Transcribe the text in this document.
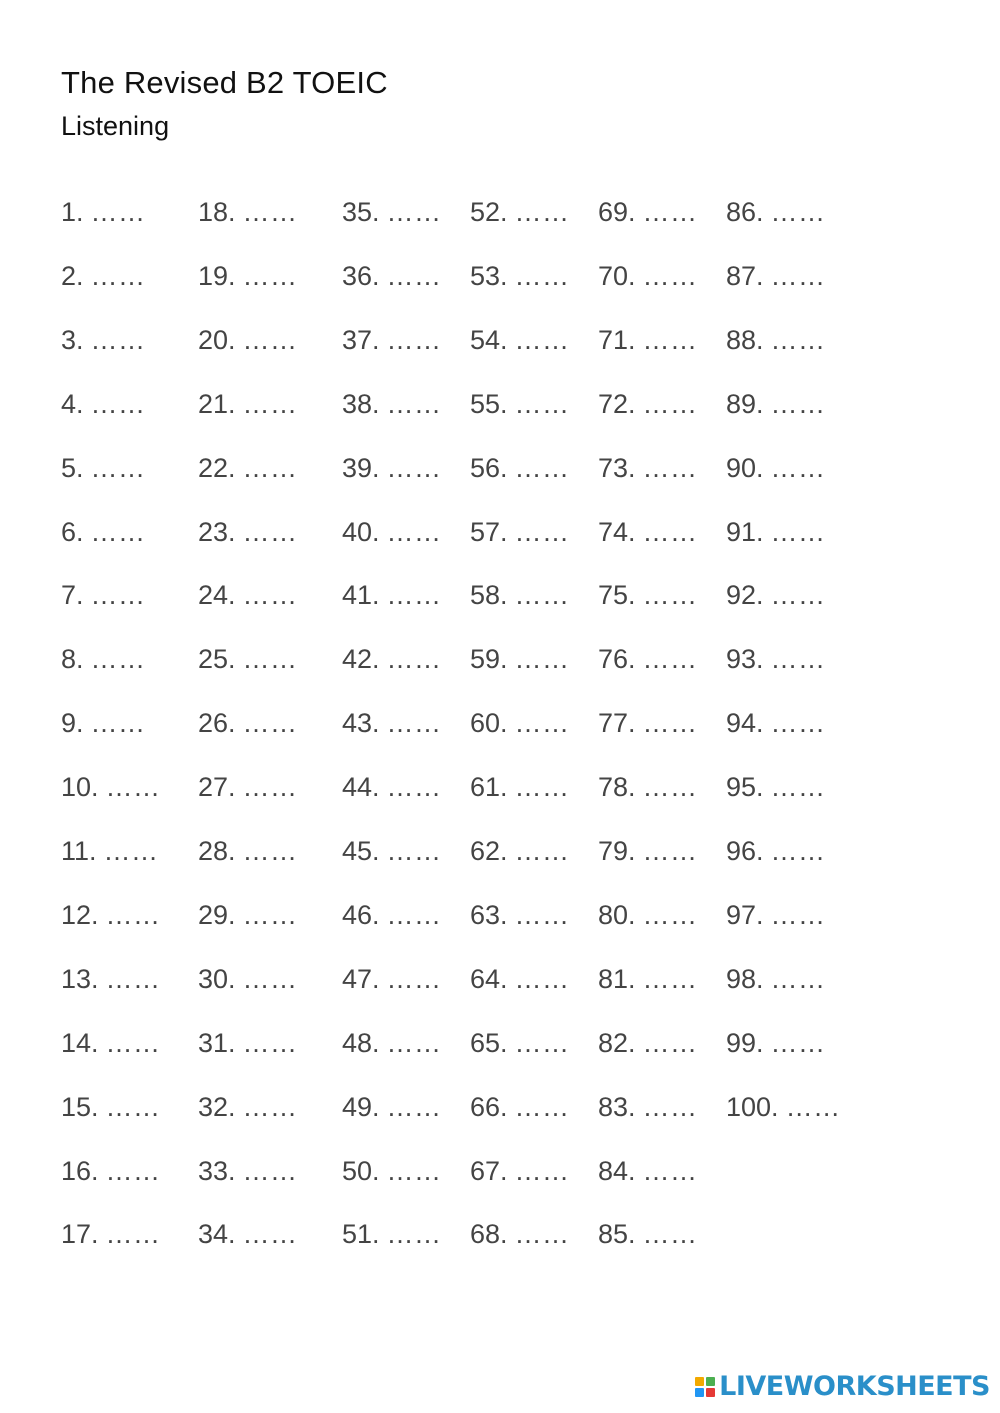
The Revised B2 TOEIC
Listening
1. ……
2. ……
3. ……
4. ……
5. ……
6. ……
7. ……
8. ……
9. ……
10. ……
11. ……
12. ……
13. ……
14. ……
15. ……
16. ……
17. ……
18. ……
19. ……
20. ……
21. ……
22. ……
23. ……
24. ……
25. ……
26. ……
27. ……
28. ……
29. ……
30. ……
31. ……
32. ……
33. ……
34. ……
35. ……
36. ……
37. ……
38. ……
39. ……
40. ……
41. ……
42. ……
43. ……
44. ……
45. ……
46. ……
47. ……
48. ……
49. ……
50. ……
51. ……
52. ……
53. ……
54. ……
55. ……
56. ……
57. ……
58. ……
59. ……
60. ……
61. ……
62. ……
63. ……
64. ……
65. ……
66. ……
67. ……
68. ……
69. ……
70. ……
71. ……
72. ……
73. ……
74. ……
75. ……
76. ……
77. ……
78. ……
79. ……
80. ……
81. ……
82. ……
83. ……
84. ……
85. ……
86. ……
87. ……
88. ……
89. ……
90. ……
91. ……
92. ……
93. ……
94. ……
95. ……
96. ……
97. ……
98. ……
99. ……
100. ……
LIVEWORKSHEETS
